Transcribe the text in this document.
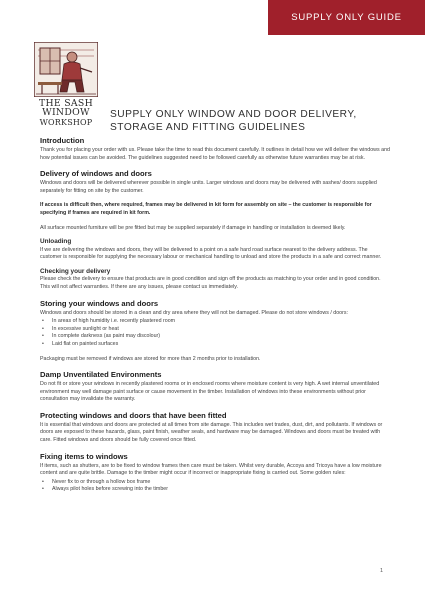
SUPPLY ONLY GUIDE
THE SASH
WINDOW
WORKSHOP
SUPPLY ONLY WINDOW AND DOOR DELIVERY,
STORAGE AND FITTING GUIDELINES
Introduction
Thank you for placing your order with us. Please take the time to read this document carefully. It outlines in detail how we will deliver the windows and how potential issues can be avoided. The guidelines suggested need to be followed carefully as otherwise future warranties may be at risk.
Delivery of windows and doors
Windows and doors will be delivered wherever possible in single units. Larger windows and doors may be delivered with sashes/ doors supplied separately for fitting on site by the customer.
If access is difficult then, where required, frames may be delivered in kit form for assembly on site – the customer is responsible for specifying if frames are required in kit form.
All surface mounted furniture will be pre fitted but may be supplied separately if damage in handling or installation is deemed likely.
Unloading
If we are delivering the windows and doors, they will be delivered to a point on a safe hard road surface nearest to the delivery address. The customer is responsible for supplying the necessary labour or mechanical handling to unload and store the products in a safe and correct manner.
Checking your delivery
Please check the delivery to ensure that products are in good condition and sign off the products as matching to your order and in good condition. This will not affect warranties. If there are any issues, please contact us immediately.
Storing your windows and doors
Windows and doors should be stored in a clean and dry area where they will not be damaged. Please do not store windows / doors:
• In areas of high humidity i.e. recently plastered room
• In excessive sunlight or heat
• In complete darkness (as paint may discolour)
• Laid flat on painted surfaces
Packaging must be removed if windows are stored for more than 2 months prior to installation.
Damp Unventilated Environments
Do not fit or store your windows in recently plastered rooms or in enclosed rooms where moisture content is very high. A wet internal unventilated environment may well damage paint surface or cause movement in the timber. Installation of windows into these environments without prior consultation may invalidate the warranty.
Protecting windows and doors that have been fitted
It is essential that windows and doors are protected at all times from site damage. This includes wet trades, dust, dirt, and pollutants. If windows or doors are exposed to these hazards, glass, paint finish, weather seals, and hardware may be damaged. Windows and doors must be treated with care. Fitted windows and doors should be fully covered once fitted.
Fixing items to windows
If items, such as shutters, are to be fixed to window frames then care must be taken. Whilst very durable, Accoya and Tricoya have a low moisture content and are quite brittle. Damage to the timber might occur if incorrect or inappropriate fixing is carried out. Some golden rules:
• Never fix to or through a hollow box frame
• Always pilot holes before screwing into the timber
1
